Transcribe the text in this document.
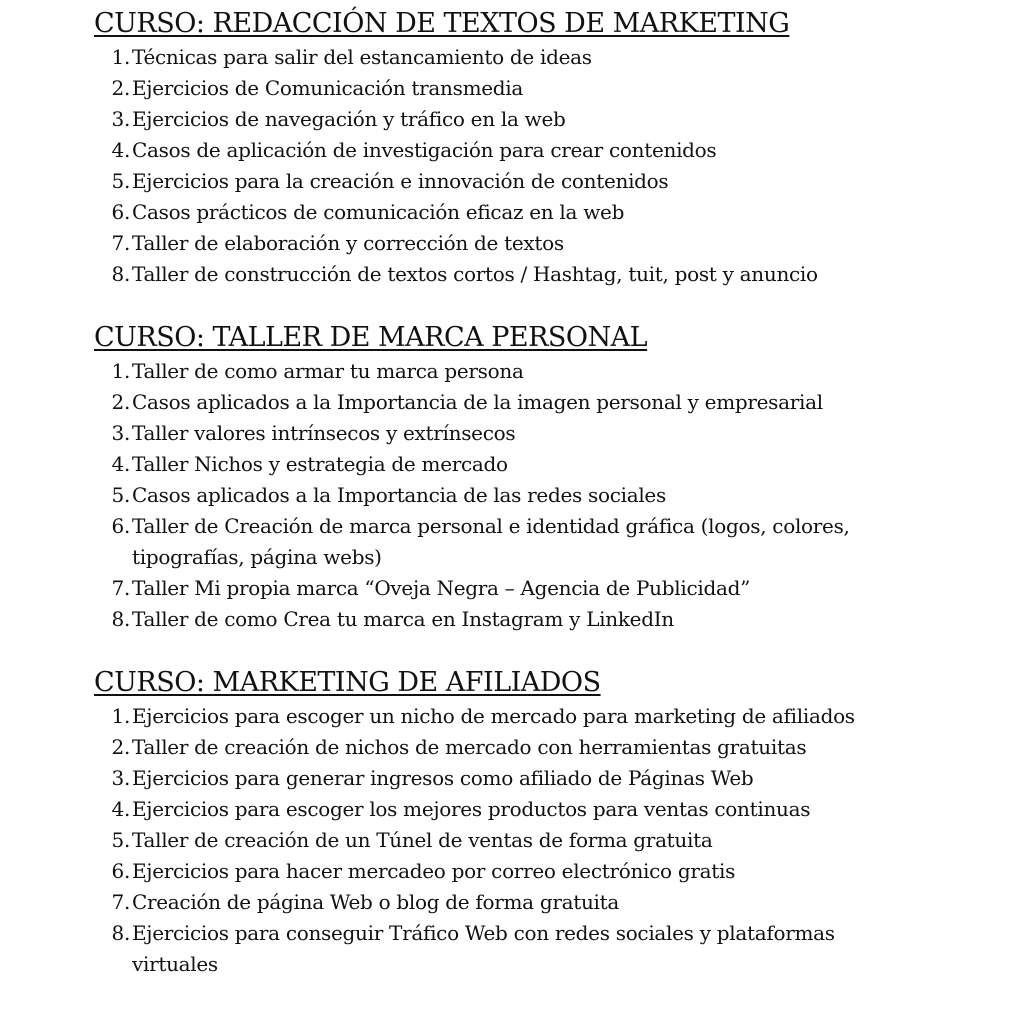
CURSO: REDACCIÓN DE TEXTOS DE MARKETING
1. Técnicas para salir del estancamiento de ideas
2. Ejercicios de Comunicación transmedia
3. Ejercicios de navegación y tráfico en la web
4. Casos de aplicación de investigación para crear contenidos
5. Ejercicios para la creación e innovación de contenidos
6. Casos prácticos de comunicación eficaz en la web
7. Taller de elaboración y corrección de textos
8. Taller de construcción de textos cortos / Hashtag, tuit, post y anuncio
CURSO: TALLER DE MARCA PERSONAL
1. Taller de como armar tu marca persona
2. Casos aplicados a la Importancia de la imagen personal y empresarial
3. Taller valores intrínsecos y extrínsecos
4. Taller Nichos y estrategia de mercado
5. Casos aplicados a la Importancia de las redes sociales
6. Taller de Creación de marca personal e identidad gráfica (logos, colores, tipografías, página webs)
7. Taller Mi propia marca “Oveja Negra – Agencia de Publicidad”
8. Taller de como Crea tu marca en Instagram y LinkedIn
CURSO: MARKETING DE AFILIADOS
1. Ejercicios para escoger un nicho de mercado para marketing de afiliados
2. Taller de creación de nichos de mercado con herramientas gratuitas
3. Ejercicios para generar ingresos como afiliado de Páginas Web
4. Ejercicios para escoger los mejores productos para ventas continuas
5. Taller de creación de un Túnel de ventas de forma gratuita
6. Ejercicios para hacer mercadeo por correo electrónico gratis
7. Creación de página Web o blog de forma gratuita
8. Ejercicios para conseguir Tráfico Web con redes sociales y plataformas virtuales
